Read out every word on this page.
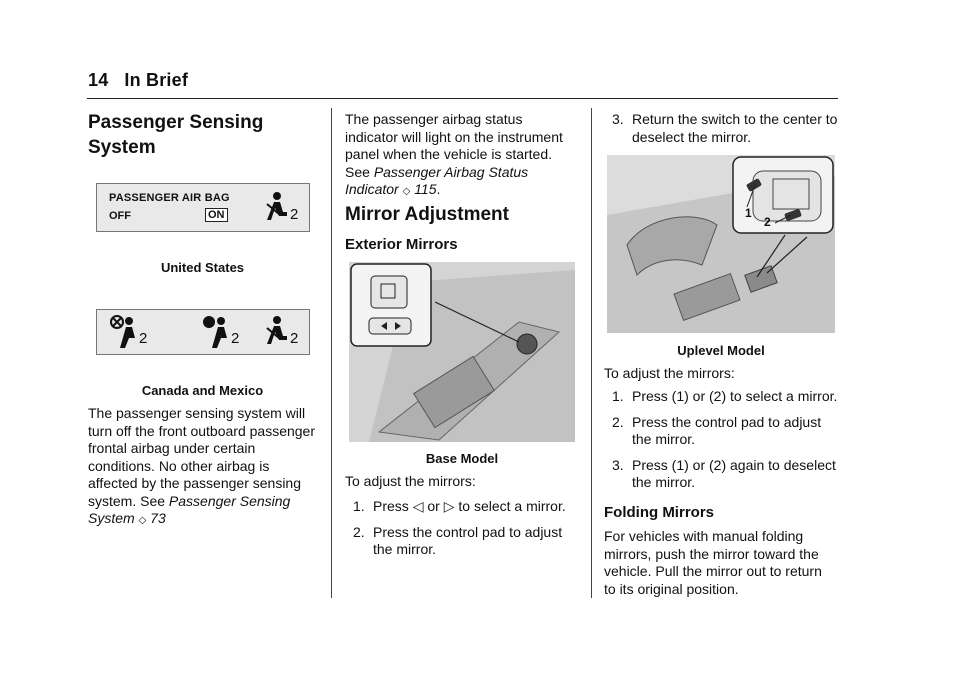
14 In Brief
Passenger Sensing System
PASSENGER AIR BAG
OFF	ON	2
United States
2	2	2
Canada and Mexico
The passenger sensing system will turn off the front outboard passenger frontal airbag under certain conditions. No other airbag is affected by the passenger sensing system. See Passenger Sensing System ◇ 73
The passenger airbag status indicator will light on the instrument panel when the vehicle is started. See Passenger Airbag Status Indicator ◇ 115.
Mirror Adjustment
Exterior Mirrors
Base Model
To adjust the mirrors:
1. Press ◁ or ▷ to select a mirror.
2. Press the control pad to adjust the mirror.
3. Return the switch to the center to deselect the mirror.
1
2
Uplevel Model
To adjust the mirrors:
1. Press (1) or (2) to select a mirror.
2. Press the control pad to adjust the mirror.
3. Press (1) or (2) again to deselect the mirror.
Folding Mirrors
For vehicles with manual folding mirrors, push the mirror toward the vehicle. Pull the mirror out to return to its original position.
